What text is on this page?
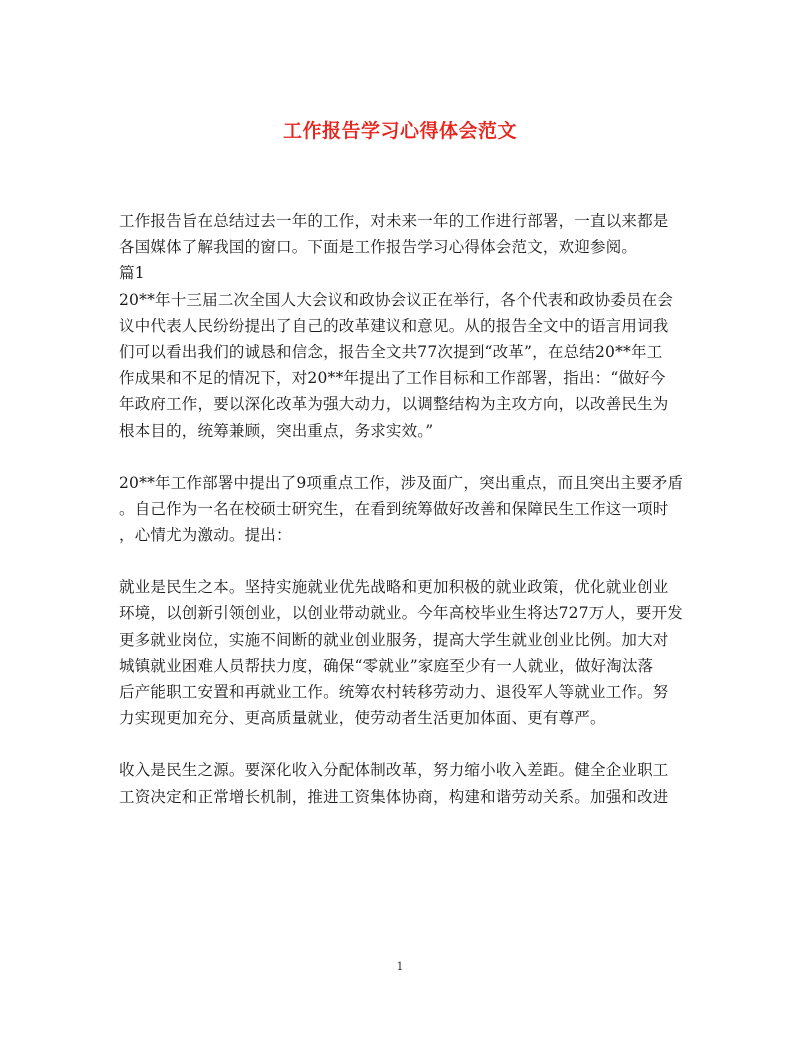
工作报告学习心得体会范文
工作报告旨在总结过去一年的工作，对未来一年的工作进行部署，一直以来都是
各国媒体了解我国的窗口。下面是工作报告学习心得体会范文，欢迎参阅。
篇1
20**年十三届二次全国人大会议和政协会议正在举行，各个代表和政协委员在会
议中代表人民纷纷提出了自己的改革建议和意见。从的报告全文中的语言用词我
们可以看出我们的诚恳和信念，报告全文共77次提到“改革”，在总结20**年工
作成果和不足的情况下，对20**年提出了工作目标和工作部署，指出：“做好今
年政府工作，要以深化改革为强大动力，以调整结构为主攻方向，以改善民生为
根本目的，统筹兼顾，突出重点，务求实效。”
20**年工作部署中提出了9项重点工作，涉及面广，突出重点，而且突出主要矛盾
。自己作为一名在校硕士研究生，在看到统筹做好改善和保障民生工作这一项时
，心情尤为激动。提出：
就业是民生之本。坚持实施就业优先战略和更加积极的就业政策，优化就业创业
环境，以创新引领创业，以创业带动就业。今年高校毕业生将达727万人，要开发
更多就业岗位，实施不间断的就业创业服务，提高大学生就业创业比例。加大对
城镇就业困难人员帮扶力度，确保“零就业”家庭至少有一人就业，做好淘汰落
后产能职工安置和再就业工作。统筹农村转移劳动力、退役军人等就业工作。努
力实现更加充分、更高质量就业，使劳动者生活更加体面、更有尊严。
收入是民生之源。要深化收入分配体制改革，努力缩小收入差距。健全企业职工
工资决定和正常增长机制，推进工资集体协商，构建和谐劳动关系。加强和改进
1
